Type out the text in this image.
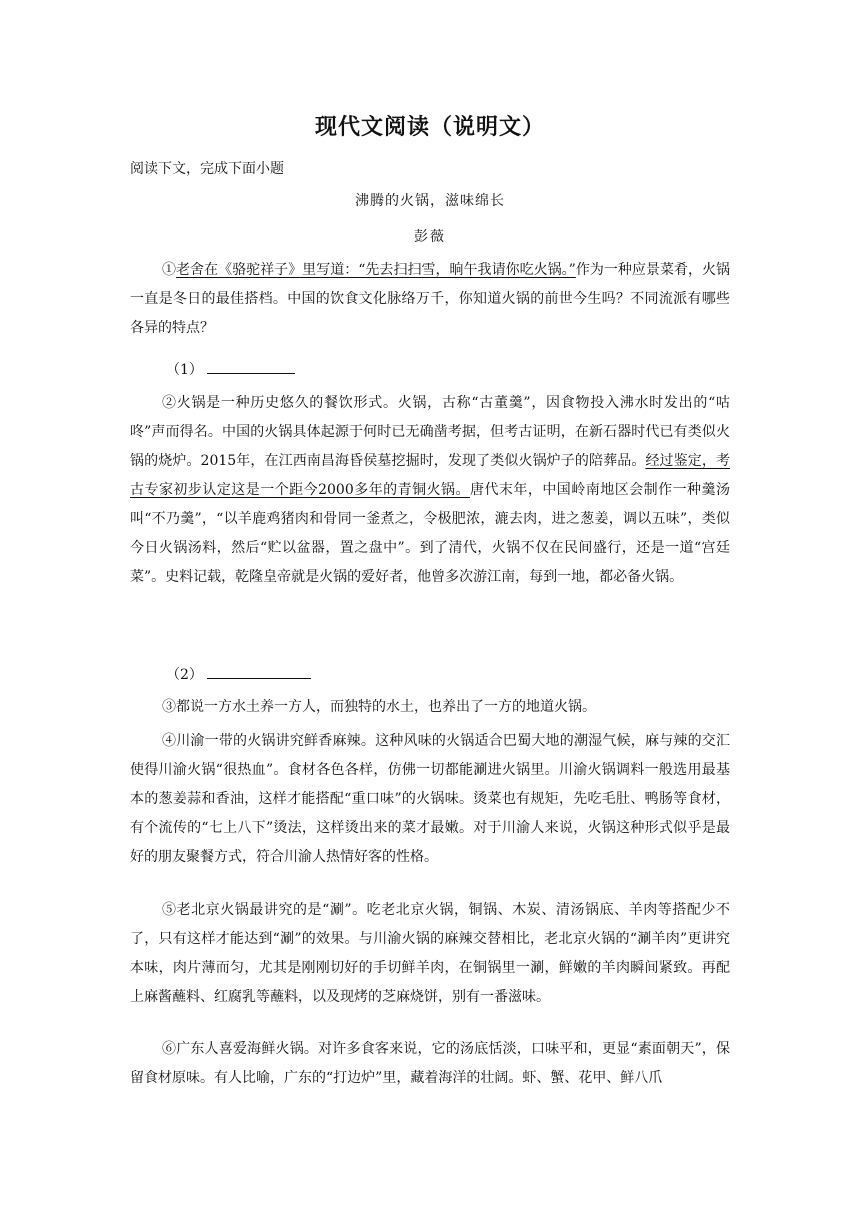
现代文阅读（说明文）
阅读下文，完成下面小题
沸腾的火锅，滋味绵长
彭薇

①老舍在《骆驼祥子》里写道：“先去扫扫雪，晌午我请你吃火锅。”作为一种应景菜肴，火锅一直是冬日的最佳搭档。中国的饮食文化脉络万千，你知道火锅的前世今生吗？不同流派有哪些各异的特点？

（1）

②火锅是一种历史悠久的餐饮形式。火锅，古称“古董羹”，因食物投入沸水时发出的“咕咚”声而得名。中国的火锅具体起源于何时已无确凿考据，但考古证明，在新石器时代已有类似火锅的烧炉。2015年，在江西南昌海昏侯墓挖掘时，发现了类似火锅炉子的陪葬品。经过鉴定，考古专家初步认定这是一个距今2000多年的青铜火锅。唐代末年，中国岭南地区会制作一种羹汤叫“不乃羹”，“以羊鹿鸡猪肉和骨同一釜煮之，令极肥浓，漉去肉，进之葱姜，调以五味”，类似今日火锅汤料，然后“贮以盆器，置之盘中”。到了清代，火锅不仅在民间盛行，还是一道“宫廷菜”。史料记载，乾隆皇帝就是火锅的爱好者，他曾多次游江南，每到一地，都必备火锅。

（2）

③都说一方水土养一方人，而独特的水土，也养出了一方的地道火锅。

④川渝一带的火锅讲究鲜香麻辣。这种风味的火锅适合巴蜀大地的潮湿气候，麻与辣的交汇使得川渝火锅“很热血”。食材各色各样，仿佛一切都能涮进火锅里。川渝火锅调料一般选用最基本的葱姜蒜和香油，这样才能搭配“重口味”的火锅味。烫菜也有规矩，先吃毛肚、鸭肠等食材，有个流传的“七上八下”烫法，这样烫出来的菜才最嫩。对于川渝人来说，火锅这种形式似乎是最好的朋友聚餐方式，符合川渝人热情好客的性格。

⑤老北京火锅最讲究的是“涮”。吃老北京火锅，铜锅、木炭、清汤锅底、羊肉等搭配少不了，只有这样才能达到“涮”的效果。与川渝火锅的麻辣交替相比，老北京火锅的“涮羊肉”更讲究本味，肉片薄而匀，尤其是刚刚切好的手切鲜羊肉，在铜锅里一涮，鲜嫩的羊肉瞬间紧致。再配上麻酱蘸料、红腐乳等蘸料，以及现烤的芝麻烧饼，别有一番滋味。

⑥广东人喜爱海鲜火锅。对许多食客来说，它的汤底恬淡，口味平和，更显“素面朝天”，保留食材原味。有人比喻，广东的“打边炉”里，藏着海洋的壮阔。虾、蟹、花甲、鲜八爪
